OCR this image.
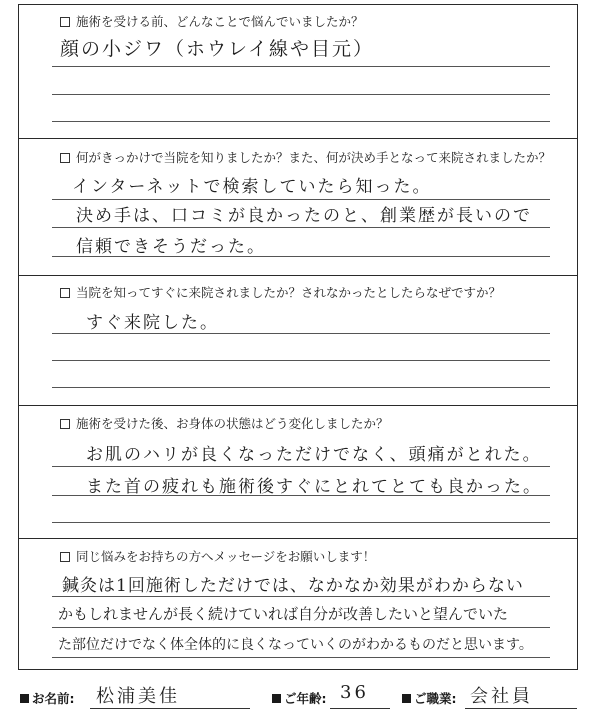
施術を受ける前、どんなことで悩んでいましたか？
顔の小ジワ（ホウレイ線や目元）
何がきっかけで当院を知りましたか？また、何が決め手となって来院されましたか？
インターネットで検索していたら知った。
決め手は、口コミが良かったのと、創業歴が長いので
信頼できそうだった。
当院を知ってすぐに来院されましたか？されなかったとしたらなぜですか？
すぐ来院した。
施術を受けた後、お身体の状態はどう変化しましたか？
お肌のハリが良くなっただけでなく、頭痛がとれた。
また首の疲れも施術後すぐにとれてとても良かった。
同じ悩みをお持ちの方へメッセージをお願いします！
鍼灸は1回施術しただけでは、なかなか効果がわからない
かもしれませんが長く続けていれば自分が改善したいと望んでいた
た部位だけでなく体全体的に良くなっていくのがわかるものだと思います。
お名前: 松浦美佳	ご年齢: 36	ご職業: 会社員
